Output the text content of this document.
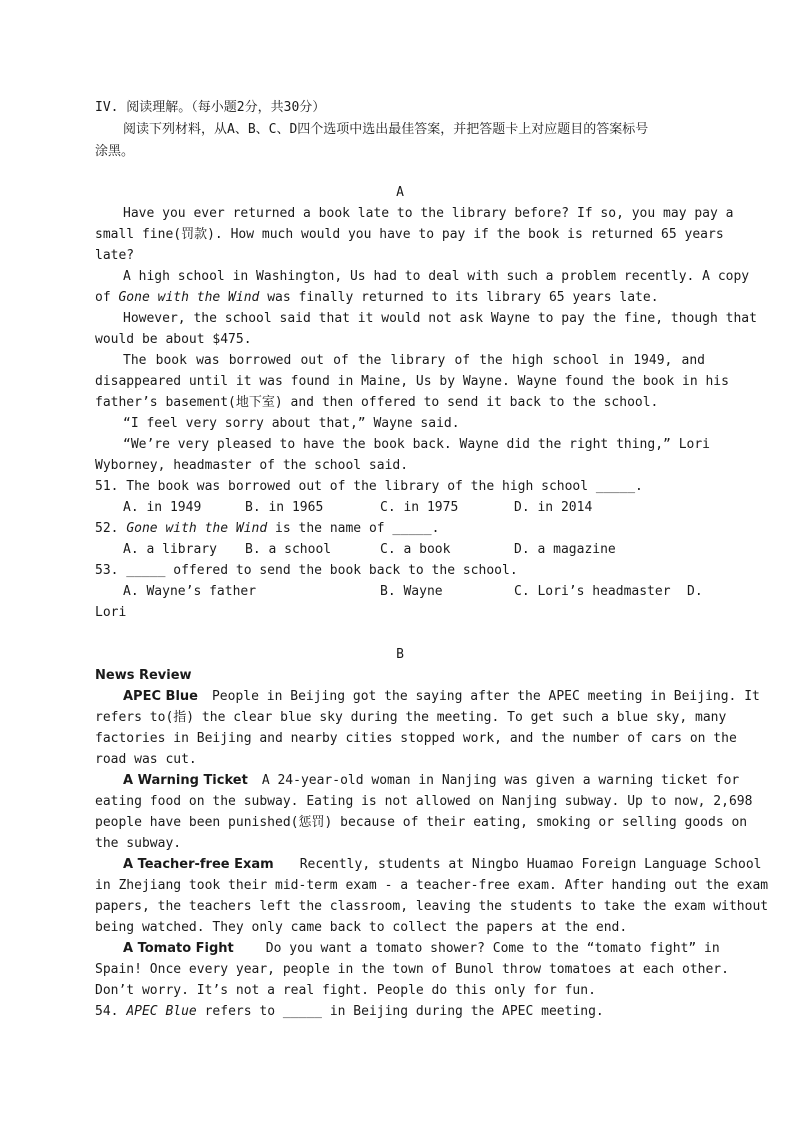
IV. 阅读理解。（每小题2分，共30分）
阅读下列材料，从A、B、C、D四个选项中选出最佳答案，并把答题卡上对应题目的答案标号
涂黑。
A
Have you ever returned a book late to the library before? If so, you may pay a
small fine(罚款). How much would you have to pay if the book is returned 65 years
late?
A high school in Washington, Us had to deal with such a problem recently. A copy
of Gone with the Wind was finally returned to its library 65 years late.
However, the school said that it would not ask Wayne to pay the fine, though that
would be about $475.
The book was borrowed out of the library of the high school in 1949, and
disappeared until it was found in Maine, Us by Wayne. Wayne found the book in his
father’s basement(地下室) and then offered to send it back to the school.
“I feel very sorry about that,” Wayne said.
“We’re very pleased to have the book back. Wayne did the right thing,” Lori
Wyborney, headmaster of the school said.
51. The book was borrowed out of the library of the high school _____.
A. in 1949	B. in 1965	C. in 1975	D. in 2014
52. Gone with the Wind is the name of _____.
A. a library B. a school	C. a book	D. a magazine
53. _____ offered to send the book back to the school.
A. Wayne’s father	B. Wayne	C. Lori’s headmaster D.
Lori
B
News Review
APEC Blue People in Beijing got the saying after the APEC meeting in Beijing. It
refers to(指) the clear blue sky during the meeting. To get such a blue sky, many
factories in Beijing and nearby cities stopped work, and the number of cars on the
road was cut.
A Warning Ticket A 24-year-old woman in Nanjing was given a warning ticket for
eating food on the subway. Eating is not allowed on Nanjing subway. Up to now, 2,698
people have been punished(惩罚) because of their eating, smoking or selling goods on
the subway.
A Teacher-free Exam Recently, students at Ningbo Huamao Foreign Language School
in Zhejiang took their mid-term exam - a teacher-free exam. After handing out the exam
papers, the teachers left the classroom, leaving the students to take the exam without
being watched. They only came back to collect the papers at the end.
A Tomato Fight Do you want a tomato shower? Come to the “tomato fight” in
Spain! Once every year, people in the town of Bunol throw tomatoes at each other.
Don’t worry. It’s not a real fight. People do this only for fun.
54. APEC Blue refers to _____ in Beijing during the APEC meeting.
